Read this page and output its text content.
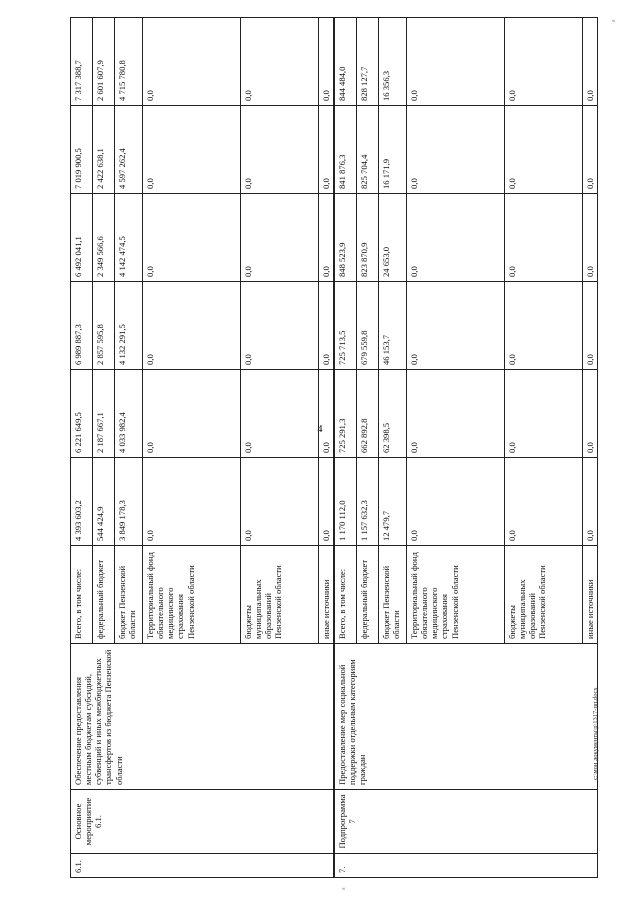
4
«
«
6.1.	Основное мероприятие 6.1.	Обеспечение предоставления местным бюджетам субсидий, субвенций и иных межбюджетных трансфертов из бюджета Пензенской области	Всего, в том числе:	4 393 603,2	6 221 649,5	6 989 887,3	6 492 041,1	7 019 900,5	7 317 388,7
			федеральный бюджет	544 424,9	2 187 667,1	2 857 595,8	2 349 566,6	2 422 638,1	2 601 607,9
			бюджет Пензенской области	3 849 178,3	4 033 982,4	4 132 291,5	4 142 474,5	4 597 262,4	4 715 780,8
			Территориальный фонд обязательного медицинского страхования Пензенской области	0,0	0,0	0,0	0,0	0,0	0,0
			бюджеты муниципальных образований Пензенской области	0,0	0,0	0,0	0,0	0,0	0,0
			иные источники	0,0	0,0	0,0	0,0	0,0	0,0
7.	Подпрограмма 7	Предоставление мер социальной поддержки отдельным категориям граждан	Всего, в том числе:	1 170 112,0	725 291,3	725 713,5	848 523,9	841 876,3	844 484,0
			федеральный бюджет	1 157 632,3	662 892,8	679 559,8	823 870,9	825 704,4	828 127,7
			бюджет Пензенской области	12 479,7	62 398,5	46 153,7	24 653,0	16 171,9	16 356,3
			Территориальный фонд обязательного медицинского страхования Пензенской области	0,0	0,0	0,0	0,0	0,0	0,0
			бюджеты муниципальных образований Пензенской области	0,0	0,0	0,0	0,0	0,0	0,0
			иные источники	0,0	0,0	0,0	0,0	0,0	0,0
c:\мои документы\р\1317-пп.docx
